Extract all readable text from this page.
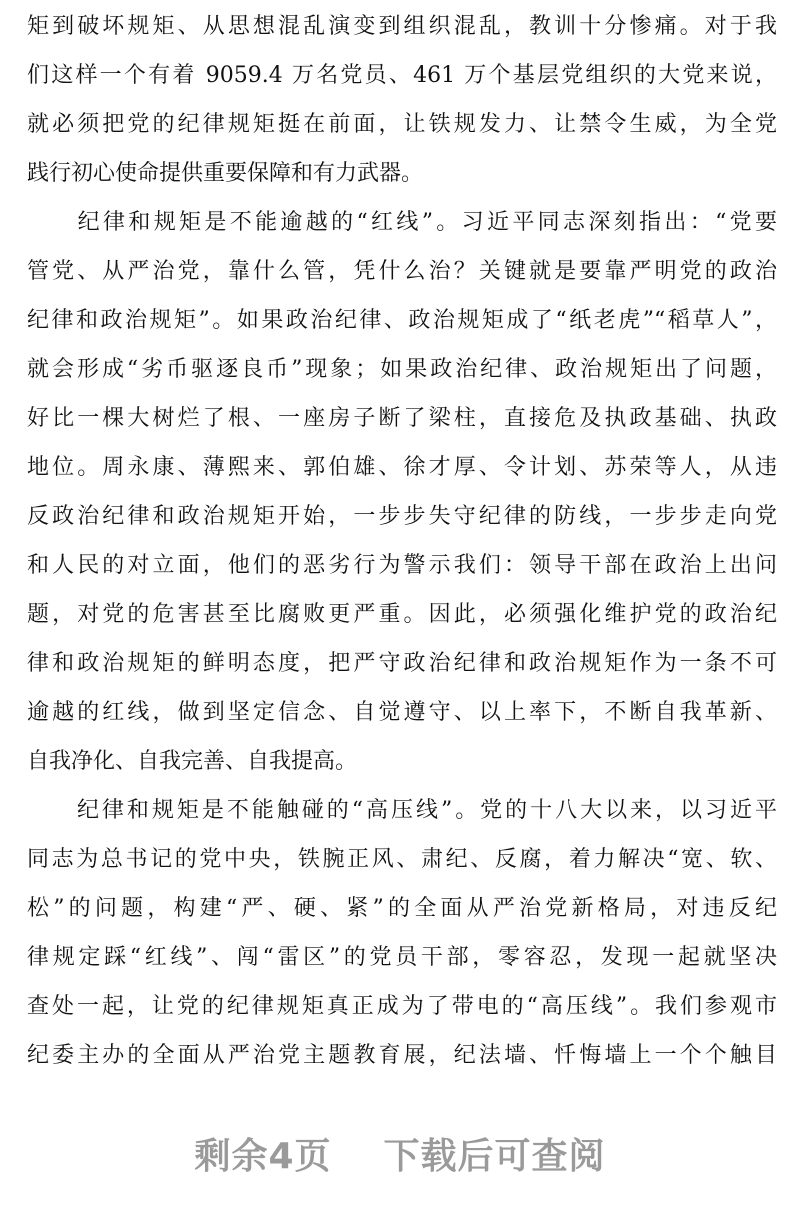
矩到破坏规矩、从思想混乱演变到组织混乱，教训十分惨痛。对于我
们这样一个有着 9059.4 万名党员、461 万个基层党组织的大党来说，
就必须把党的纪律规矩挺在前面，让铁规发力、让禁令生威，为全党
践行初心使命提供重要保障和有力武器。
　　纪律和规矩是不能逾越的“红线”。习近平同志深刻指出：“党要
管党、从严治党，靠什么管，凭什么治？关键就是要靠严明党的政治
纪律和政治规矩”。如果政治纪律、政治规矩成了“纸老虎”“稻草人”，
就会形成“劣币驱逐良币”现象；如果政治纪律、政治规矩出了问题，
好比一棵大树烂了根、一座房子断了梁柱，直接危及执政基础、执政
地位。周永康、薄熙来、郭伯雄、徐才厚、令计划、苏荣等人，从违
反政治纪律和政治规矩开始，一步步失守纪律的防线，一步步走向党
和人民的对立面，他们的恶劣行为警示我们：领导干部在政治上出问
题，对党的危害甚至比腐败更严重。因此，必须强化维护党的政治纪
律和政治规矩的鲜明态度，把严守政治纪律和政治规矩作为一条不可
逾越的红线，做到坚定信念、自觉遵守、以上率下，不断自我革新、
自我净化、自我完善、自我提高。
　　纪律和规矩是不能触碰的“高压线”。党的十八大以来，以习近平
同志为总书记的党中央，铁腕正风、肃纪、反腐，着力解决“宽、软、
松”的问题，构建“严、硬、紧”的全面从严治党新格局，对违反纪
律规定踩“红线”、闯“雷区”的党员干部，零容忍，发现一起就坚决
查处一起，让党的纪律规矩真正成为了带电的“高压线”。我们参观市
纪委主办的全面从严治党主题教育展，纪法墙、忏悔墙上一个个触目
剩余4页 下载后可查阅
